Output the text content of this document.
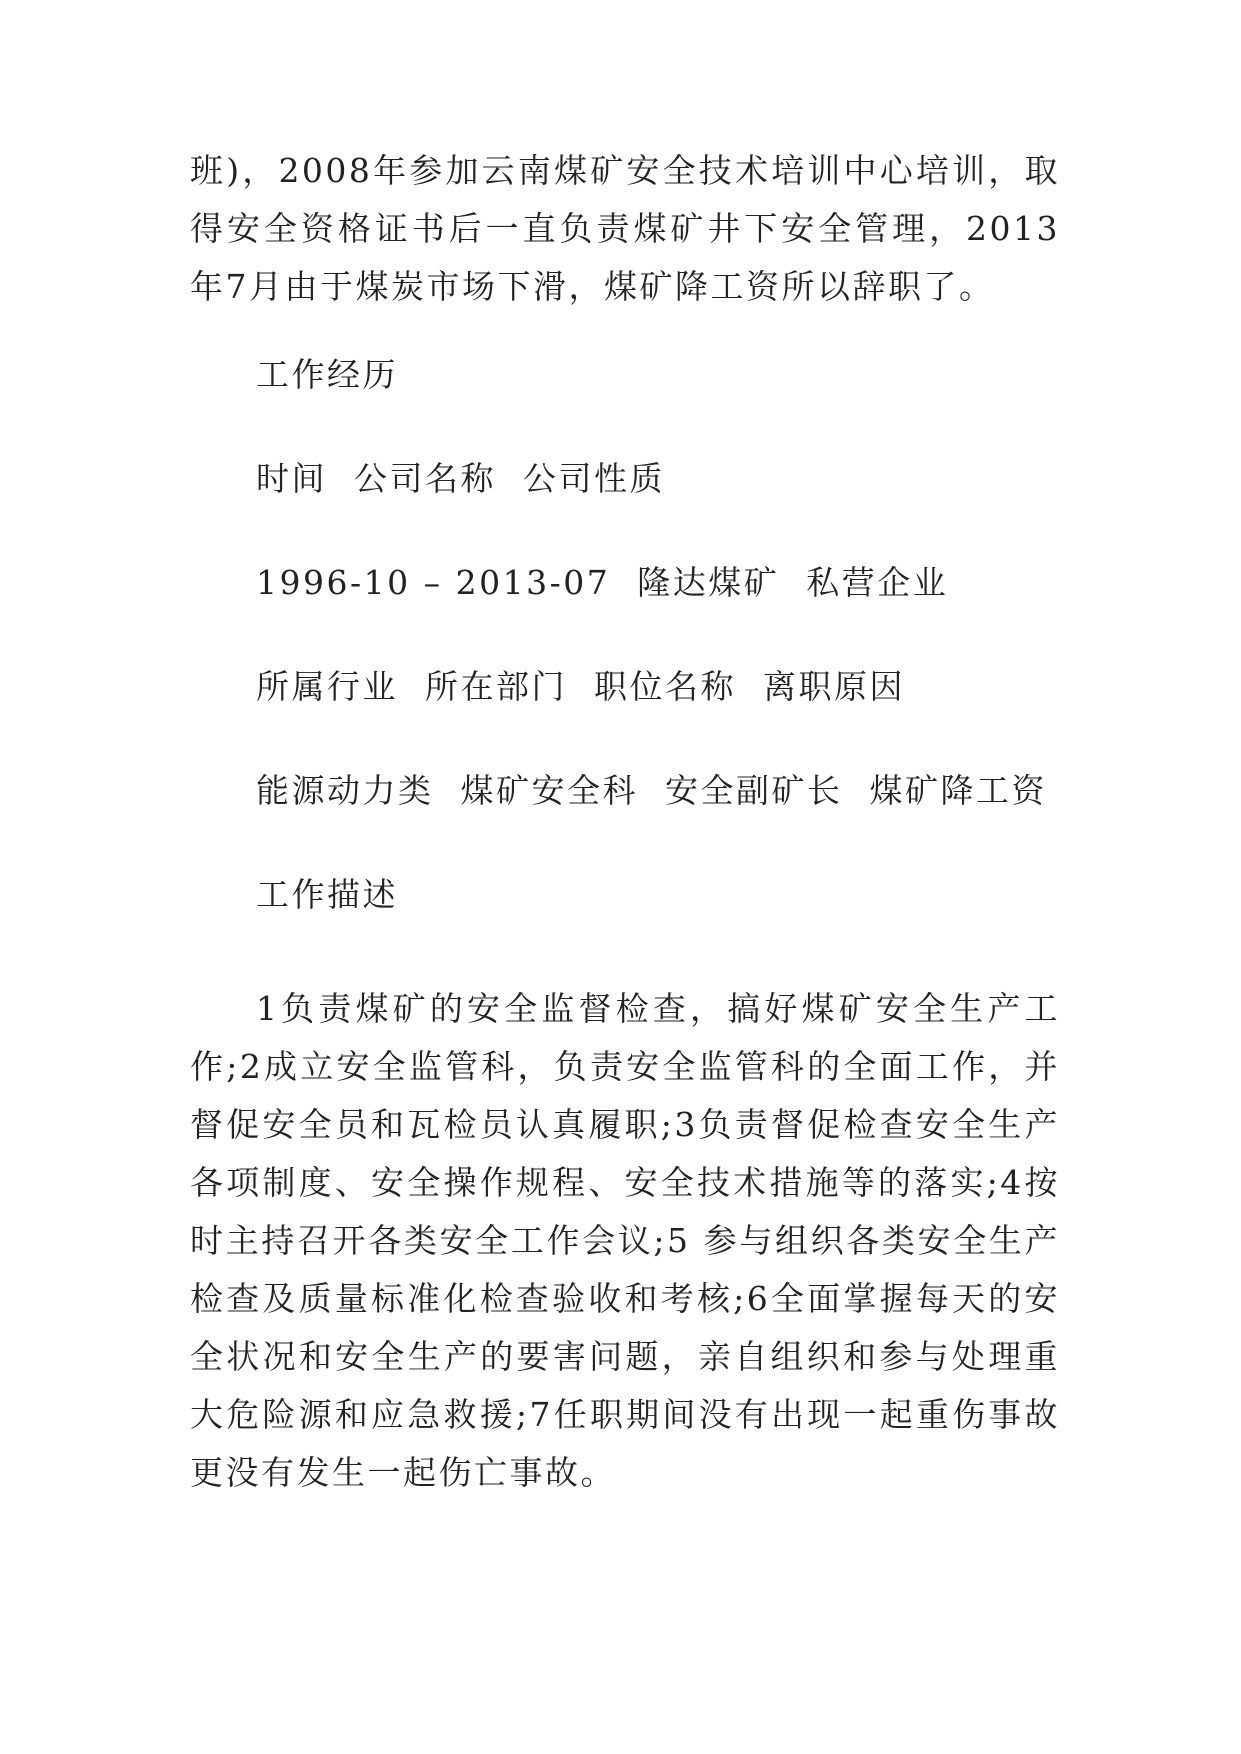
班)，2008年参加云南煤矿安全技术培训中心培训，取得安全资格证书后一直负责煤矿井下安全管理，2013年7月由于煤炭市场下滑，煤矿降工资所以辞职了。

工作经历

时间 公司名称 公司性质

1996-10 – 2013-07 隆达煤矿 私营企业

所属行业 所在部门 职位名称 离职原因

能源动力类 煤矿安全科 安全副矿长 煤矿降工资

工作描述

1负责煤矿的安全监督检查，搞好煤矿安全生产工作;2成立安全监管科，负责安全监管科的全面工作，并督促安全员和瓦检员认真履职;3负责督促检查安全生产各项制度、安全操作规程、安全技术措施等的落实;4按时主持召开各类安全工作会议;5 参与组织各类安全生产检查及质量标准化检查验收和考核;6全面掌握每天的安全状况和安全生产的要害问题，亲自组织和参与处理重大危险源和应急救援;7任职期间没有出现一起重伤事故更没有发生一起伤亡事故。
